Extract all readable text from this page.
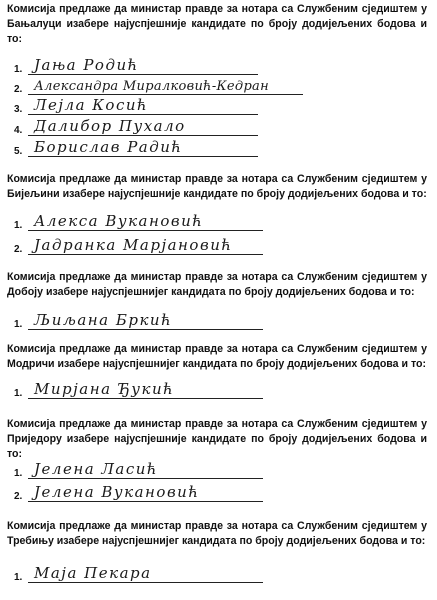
Комисија предлаже да министар правде за нотара са Службеним сједиштем у Бањалуци изабере најуспјешније кандидате по броју додијељених бодова и то:

1. Јања Родић
2. Александра Миралковић-Кедран
3. Лејла Косић
4. Далибор Пухало
5. Борислав Радић

Комисија предлаже да министар правде за нотара са Службеним сједиштем у Бијељини изабере најуспјешније кандидате по броју додијељених бодова и то:

1. Алекса Вукановић
2. Јадранка Марјановић

Комисија предлаже да министар правде за нотара са Службеним сједиштем у Добоју изабере најуспјешнијег кандидата по броју додијељених бодова и то:

1. Љиљана Бркић

Комисија предлаже да министар правде за нотара са Службеним сједиштем у Модричи изабере најуспјешнијег кандидата по броју додијељених бодова и то:

1. Мирјана Ђукић

Комисија предлаже да министар правде за нотара са Службеним сједиштем у Приједору изабере најуспјешније кандидате по броју додијељених бодова и то:

1. Јелена Ласић
2. Јелена Вукановић

Комисија предлаже да министар правде за нотара са Службеним сједиштем у Требињу изабере најуспјешнијег кандидата по броју додијељених бодова и то:

1. Маја Пекара
